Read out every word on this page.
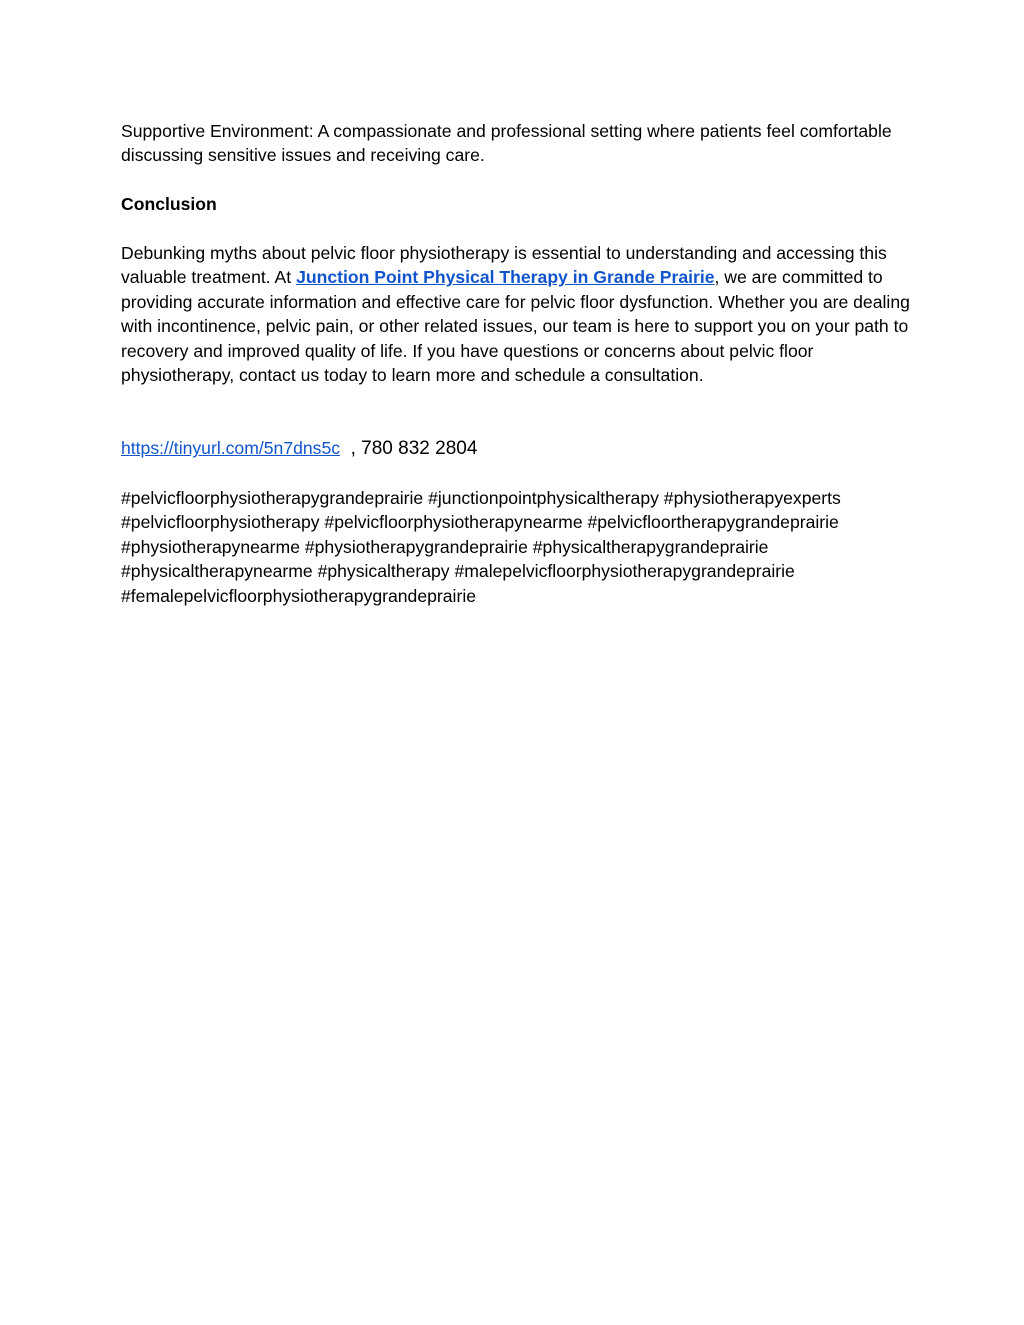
Supportive Environment: A compassionate and professional setting where patients feel comfortable discussing sensitive issues and receiving care.

Conclusion

Debunking myths about pelvic floor physiotherapy is essential to understanding and accessing this valuable treatment. At Junction Point Physical Therapy in Grande Prairie, we are committed to providing accurate information and effective care for pelvic floor dysfunction. Whether you are dealing with incontinence, pelvic pain, or other related issues, our team is here to support you on your path to recovery and improved quality of life. If you have questions or concerns about pelvic floor physiotherapy, contact us today to learn more and schedule a consultation.

https://tinyurl.com/5n7dns5c  , 780 832 2804

#pelvicfloorphysiotherapygrandeprairie #junctionpointphysicaltherapy #physiotherapyexperts #pelvicfloorphysiotherapy #pelvicfloorphysiotherapynearme #pelvicfloortherapygrandeprairie #physiotherapynearme #physiotherapygrandeprairie #physicaltherapygrandeprairie #physicaltherapynearme #physicaltherapy #malepelvicfloorphysiotherapygrandeprairie #femalepelvicfloorphysiotherapygrandeprairie
